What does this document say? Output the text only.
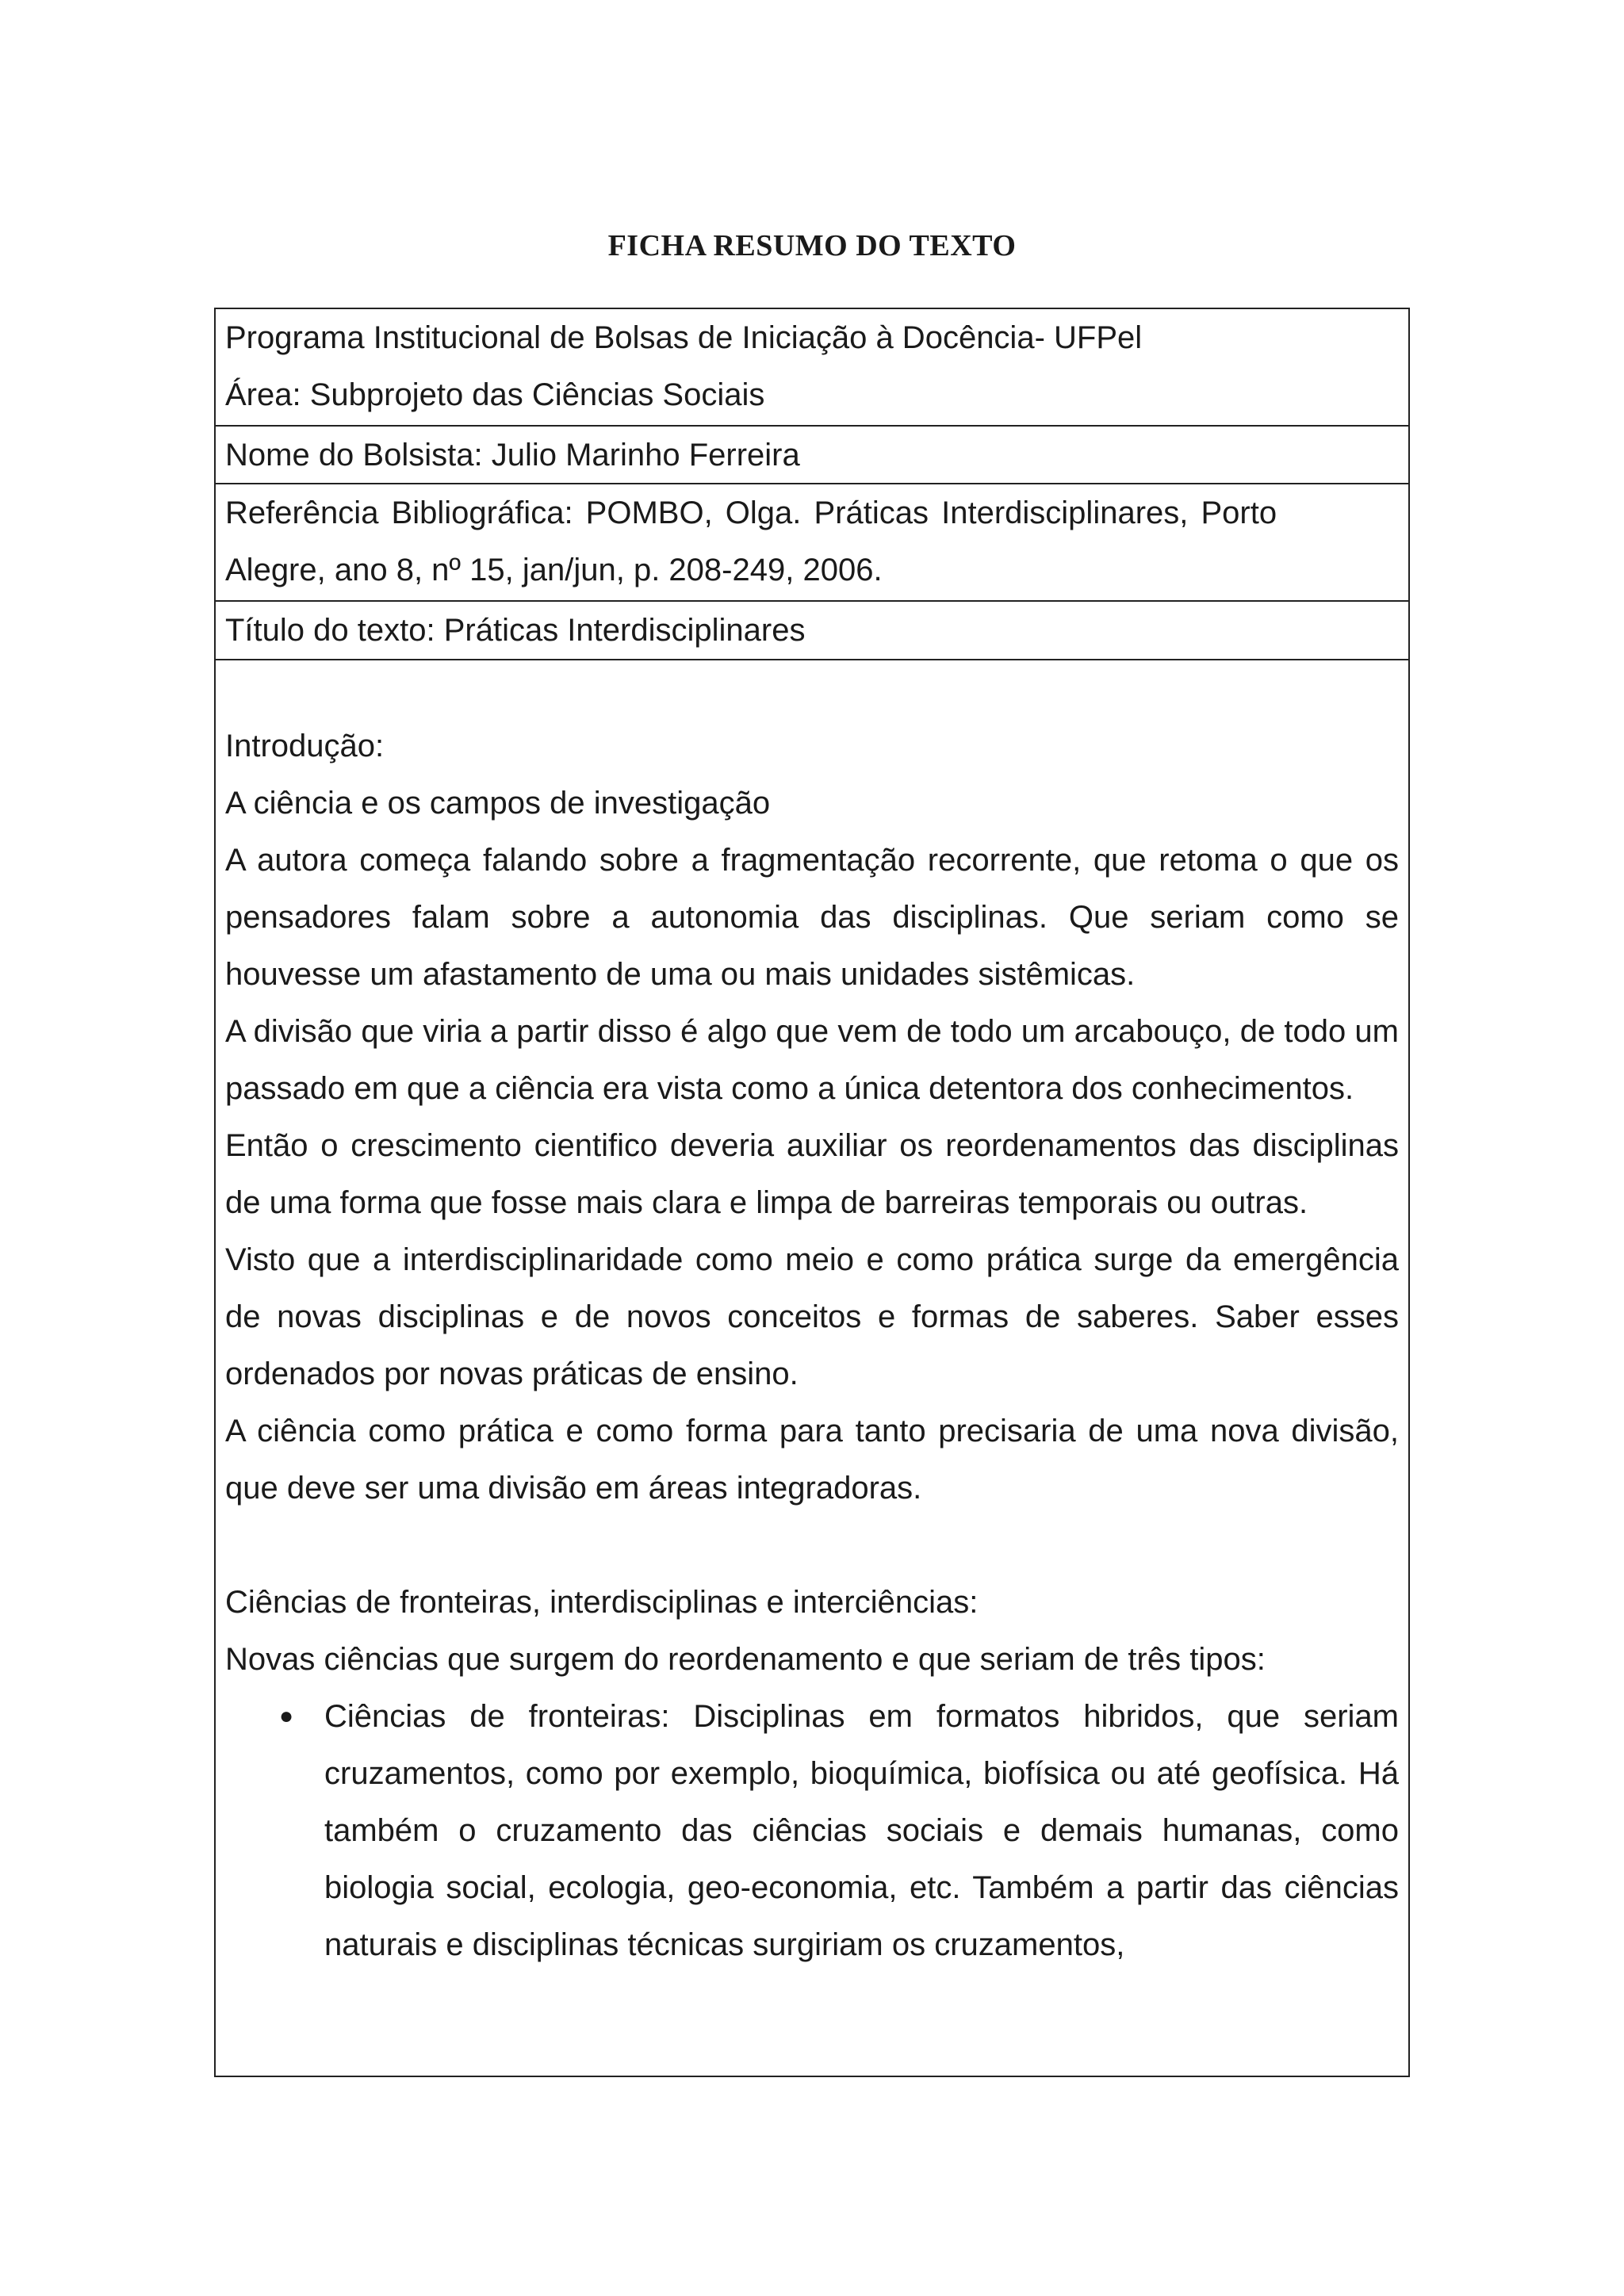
FICHA RESUMO DO TEXTO
Programa Institucional de Bolsas de Iniciação à Docência- UFPel
Área: Subprojeto das Ciências Sociais
Nome do Bolsista: Julio Marinho Ferreira
Referência Bibliográfica: POMBO, Olga. Práticas Interdisciplinares, Porto
Alegre, ano 8, nº 15, jan/jun, p. 208-249, 2006.
Título do texto: Práticas Interdisciplinares

Introdução:

A ciência e os campos de investigação

A autora começa falando sobre a fragmentação recorrente, que retoma o que os pensadores falam sobre a autonomia das disciplinas. Que seriam como se houvesse um afastamento de uma ou mais unidades sistêmicas.

A divisão que viria a partir disso é algo que vem de todo um arcabouço, de todo um passado em que a ciência era vista como a única detentora dos conhecimentos.

Então o crescimento cientifico deveria auxiliar os reordenamentos das disciplinas de uma forma que fosse mais clara e limpa de barreiras temporais ou outras.

Visto que a interdisciplinaridade como meio e como prática surge da emergência de novas disciplinas e de novos conceitos e formas de saberes. Saber esses ordenados por novas práticas de ensino.

A ciência como prática e como forma para tanto precisaria de uma nova divisão, que deve ser uma divisão em áreas integradoras.

Ciências de fronteiras, interdisciplinas e interciências:

Novas ciências que surgem do reordenamento e que seriam de três tipos:

● Ciências de fronteiras: Disciplinas em formatos hibridos, que seriam cruzamentos, como por exemplo, bioquímica, biofísica ou até geofísica. Há também o cruzamento das ciências sociais e demais humanas, como biologia social, ecologia, geo-economia, etc. Também a partir das ciências naturais e disciplinas técnicas surgiriam os cruzamentos,
